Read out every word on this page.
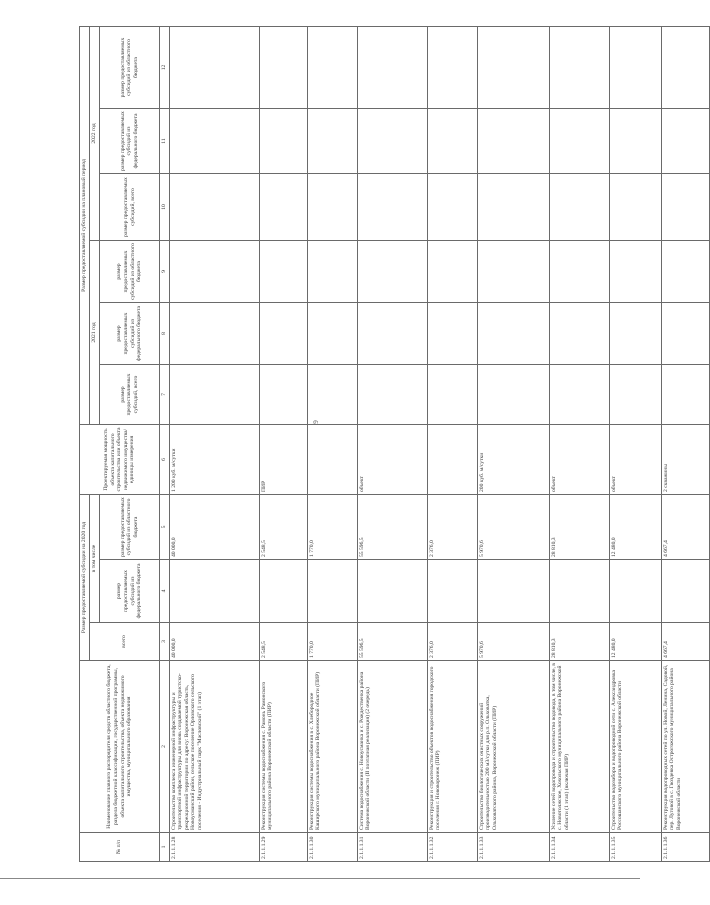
6
№ п/п	Наименование главного распорядителя средств областного бюджета, раздела бюджетной классификации, государственной программы, объекта капитального строительства, объекта недвижимого имущества, муниципального образования	Размер предоставляемой субсидии на 2020 год			Проектируемая мощность объекта капитального строительства или объекта недвижимого имущества/ единицы измерения	Размер предоставляемой субсидии на плановый период					
		всего	в том числе			2021 год			2022 год		
			размер предоставляемых субсидий из федерального бюджета	размер предоставляемых субсидий из областного бюджета		размер предоставляемых субсидий, всего	размер предоставляемых субсидий из федерального бюджета	размер предоставляемых субсидий из областного бюджета	размер предоставляемых субсидий, всего	размер предоставляемых субсидий из федерального бюджета	размер предоставляемых субсидий из областного бюджета

1	2	3	4	5	6	7	8	9	10	11	12
2.1.1.1.28	Строительство комплекса инженерной инфраструктуры и транспортной инфраструктуры для вновь создаваемой туристско-рекреационной территории по адресу: Воронежская область, Новоусманский район, сельское поселение Орловского сельского поселения - Индустриальный парк "Масловский" (1 этап)	40 000,0		40 000,0	1 200 куб. м/сутки						
2.1.1.1.29	Реконструкция системы водоснабжения с. Рамонь Рамонского муниципального района Воронежской области (ПИР)	2 548,5		2 548,5	ПИР						
2.1.1.1.30	Реконструкция системы водоснабжения в с. Хлебородное Каширского муниципального района Воронежской области (ПИР)	1 770,0		1 770,0							
2.1.1.1.31	Система водоснабжения с. Новоусманка и с. Рождественка района Воронежской области (II поэтапная реализация) (2 очередь)	55 596,5		55 596,5	объект						
2.1.1.1.32	Реконструкция и строительство объектов водоснабжения городского поселения г. Нововоронеж (ПИР)	2 376,0		2 376,0							
2.1.1.1.33	Строительство биологических очистных сооружений производительностью 200 м3/сутки для р.п. Ольховатка, Ольховатского района, Воронежской области (ПИР)	5 970,6		5 970,6	200 куб. м/сутки						
2.1.1.1.34	Усиление сетей водопровода и строительство водовода, в том числе, в с. Новотолжское, Хохольского муниципального района Воронежской области (1 этап) (включая ПИР)	28 810,3		28 810,3	объект						
2.1.1.1.35	Строительство водозабора и водопроводной сети с. Александровка Россошанского муниципального района Воронежской области	12 480,0		12 480,0	объект						
2.1.1.1.36	Реконструкция водопроводных сетей по ул. Новой, Ленина, Садовой, пер. Луговой в с. Гвоздевка Острогожского муниципального района Воронежской области	4 667,4		4 667,4	2 скважины						
